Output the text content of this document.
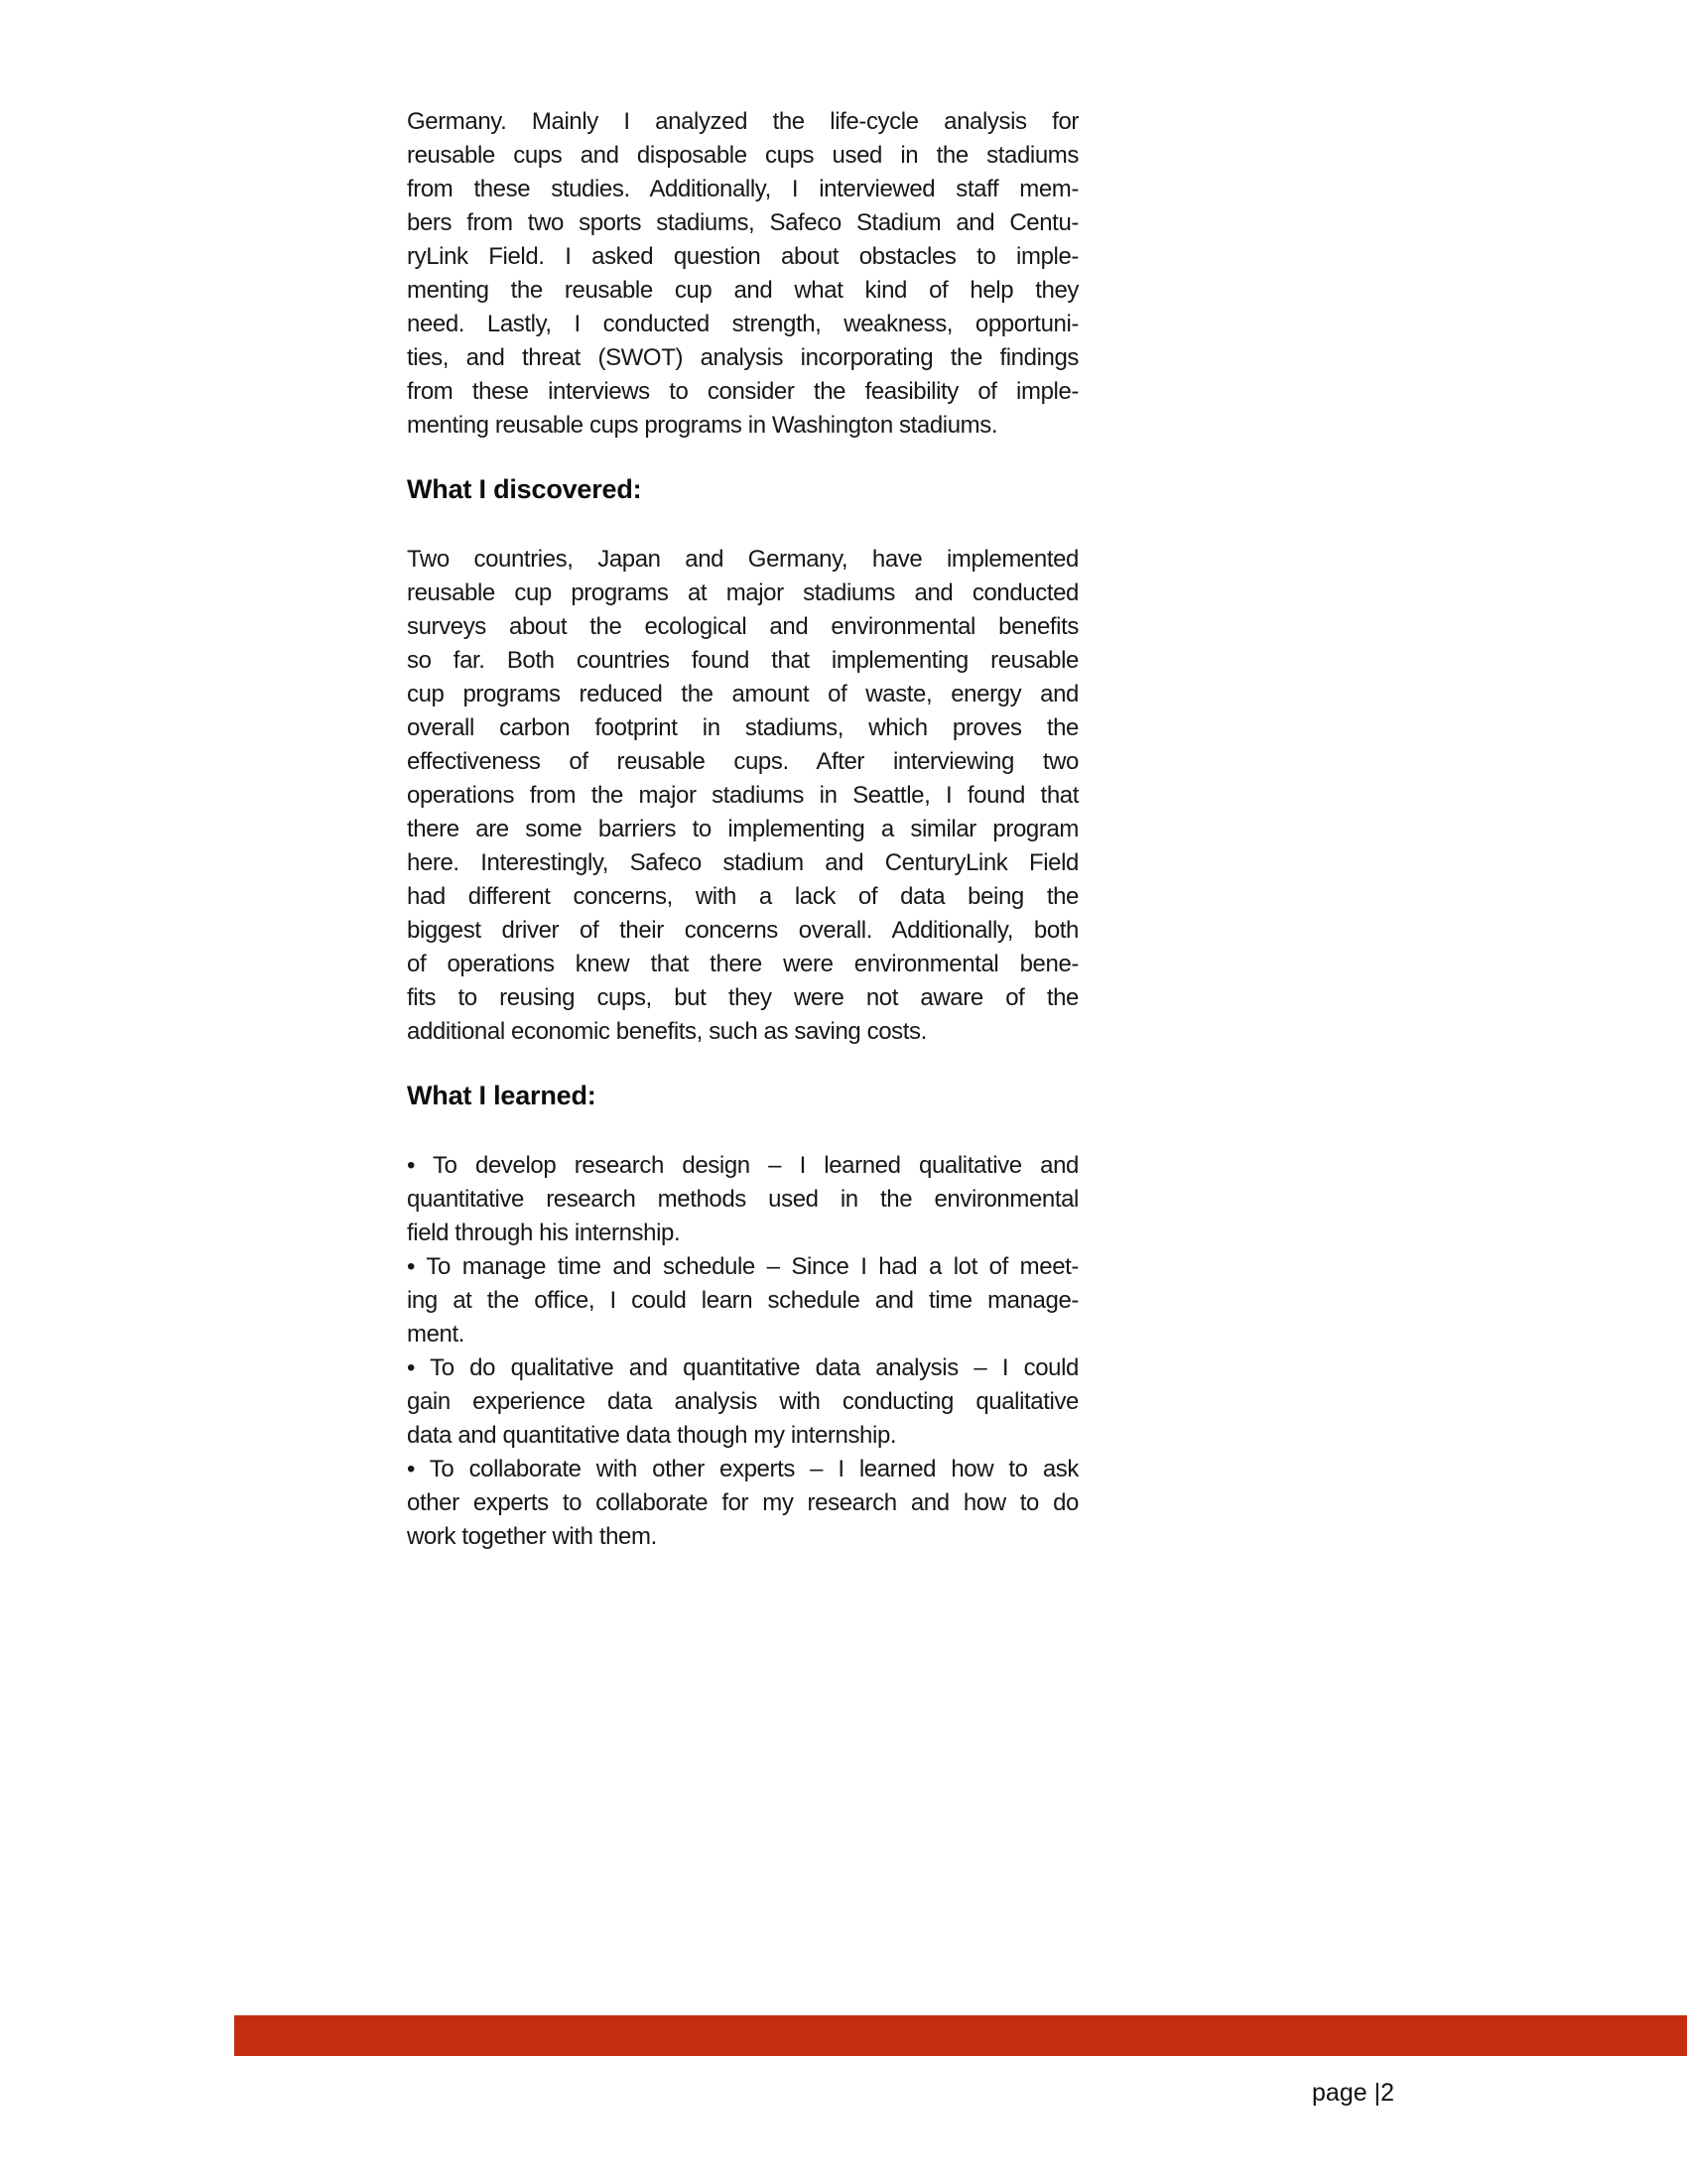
Germany. Mainly I analyzed the life-cycle analysis for
reusable cups and disposable cups used in the stadiums
from these studies. Additionally, I interviewed staff mem-
bers from two sports stadiums, Safeco Stadium and Centu-
ryLink Field. I asked question about obstacles to imple-
menting the reusable cup and what kind of help they
need. Lastly, I conducted strength, weakness, opportuni-
ties, and threat (SWOT) analysis incorporating the findings
from these interviews to consider the feasibility of imple-
menting reusable cups programs in Washington stadiums.
What I discovered:
Two countries, Japan and Germany, have implemented
reusable cup programs at major stadiums and conducted
surveys about the ecological and environmental benefits
so far. Both countries found that implementing reusable
cup programs reduced the amount of waste, energy and
overall carbon footprint in stadiums, which proves the
effectiveness of reusable cups. After interviewing two
operations from the major stadiums in Seattle, I found that
there are some barriers to implementing a similar program
here. Interestingly, Safeco stadium and CenturyLink Field
had different concerns, with a lack of data being the
biggest driver of their concerns overall. Additionally, both
of operations knew that there were environmental bene-
fits to reusing cups, but they were not aware of the
additional economic benefits, such as saving costs.
What I learned:
• To develop research design – I learned qualitative and
quantitative research methods used in the environmental
field through his internship.
• To manage time and schedule – Since I had a lot of meet-
ing at the office, I could learn schedule and time manage-
ment.
• To do qualitative and quantitative data analysis – I could
gain experience data analysis with conducting qualitative
data and quantitative data though my internship.
• To collaborate with other experts – I learned how to ask
other experts to collaborate for my research and how to do
work together with them.
page |2
